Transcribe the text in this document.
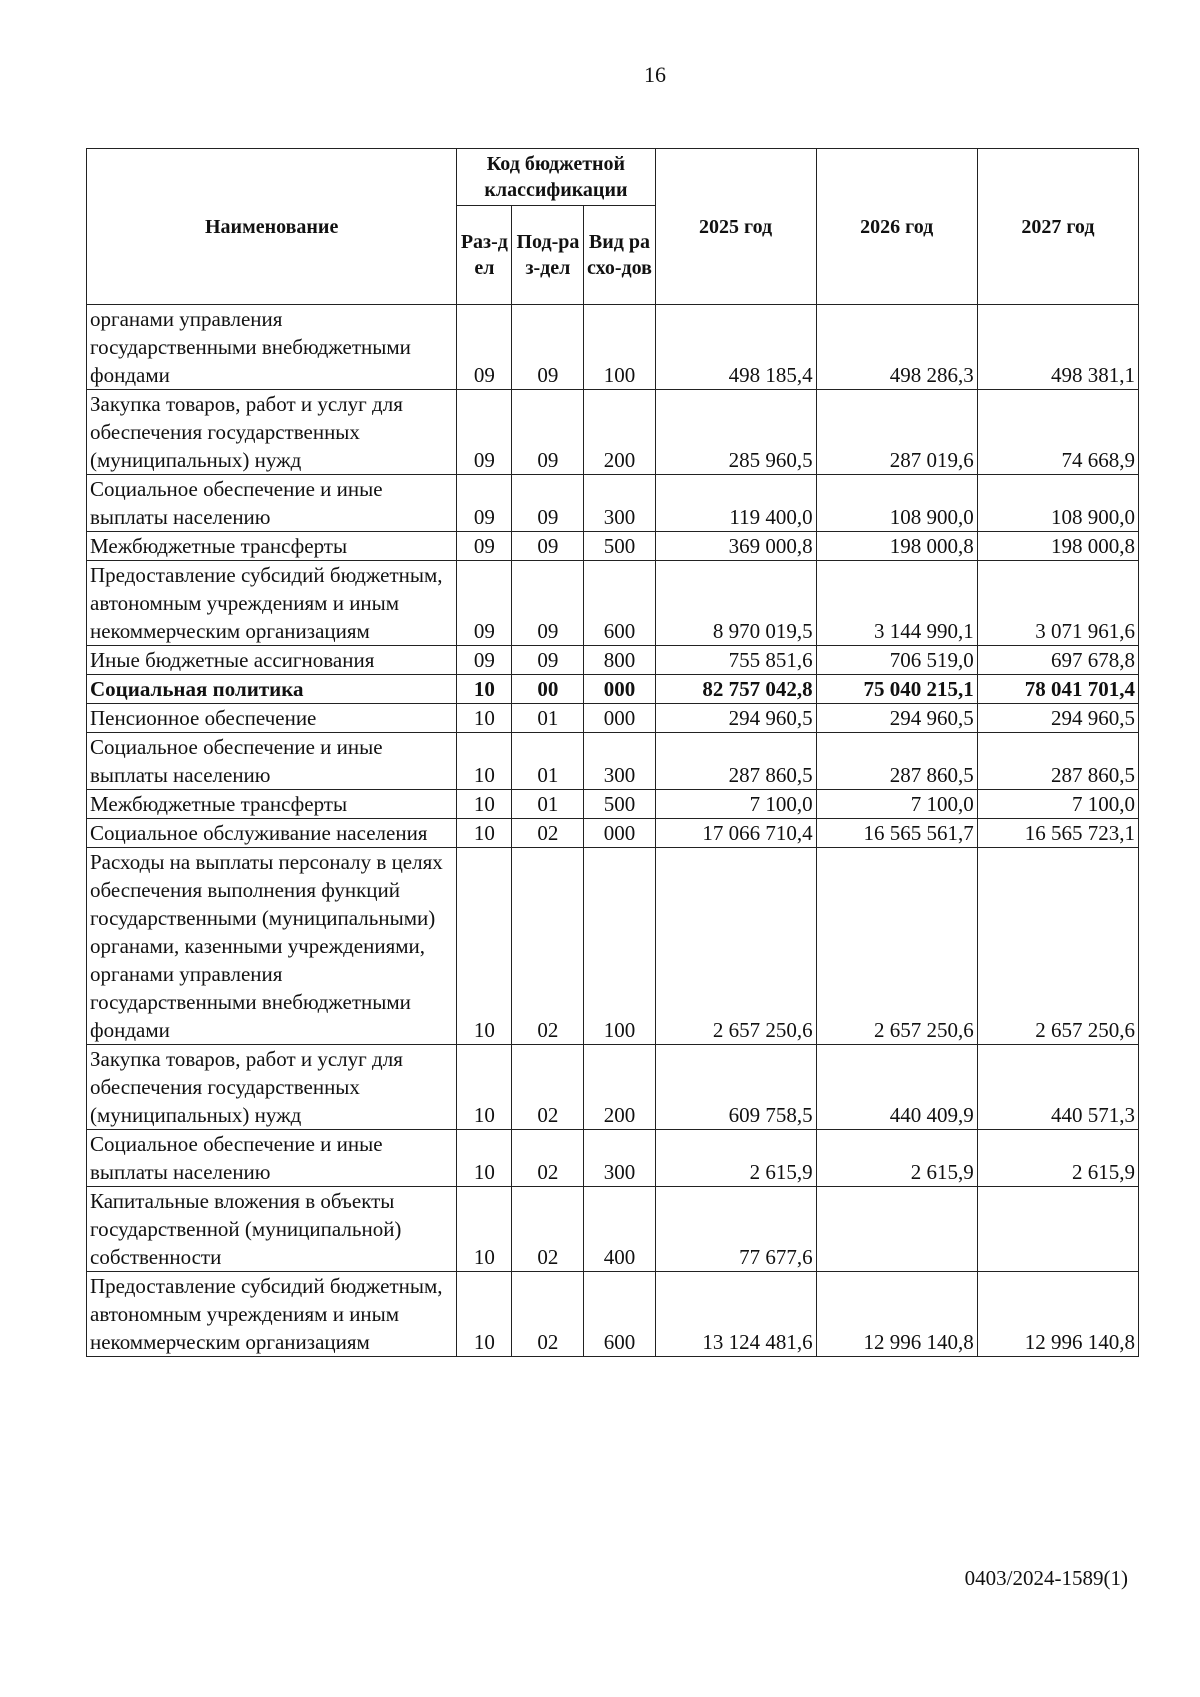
16
Наименование	Код бюджетной классификации			2025 год	2026 год	2027 год
	Раз-дел	Под-раз-дел	Вид расхо-дов			
органами управления государственными внебюджетными фондами	09	09	100	498 185,4	498 286,3	498 381,1
Закупка товаров, работ и услуг для обеспечения государственных (муниципальных) нужд	09	09	200	285 960,5	287 019,6	74 668,9
Социальное обеспечение и иные выплаты населению	09	09	300	119 400,0	108 900,0	108 900,0
Межбюджетные трансферты	09	09	500	369 000,8	198 000,8	198 000,8
Предоставление субсидий бюджетным, автономным учреждениям и иным некоммерческим организациям	09	09	600	8 970 019,5	3 144 990,1	3 071 961,6
Иные бюджетные ассигнования	09	09	800	755 851,6	706 519,0	697 678,8
Социальная политика	10	00	000	82 757 042,8	75 040 215,1	78 041 701,4
Пенсионное обеспечение	10	01	000	294 960,5	294 960,5	294 960,5
Социальное обеспечение и иные выплаты населению	10	01	300	287 860,5	287 860,5	287 860,5
Межбюджетные трансферты	10	01	500	7 100,0	7 100,0	7 100,0
Социальное обслуживание населения	10	02	000	17 066 710,4	16 565 561,7	16 565 723,1
Расходы на выплаты персоналу в целях обеспечения выполнения функций государственными (муниципальными) органами, казенными учреждениями, органами управления государственными внебюджетными фондами	10	02	100	2 657 250,6	2 657 250,6	2 657 250,6
Закупка товаров, работ и услуг для обеспечения государственных (муниципальных) нужд	10	02	200	609 758,5	440 409,9	440 571,3
Социальное обеспечение и иные выплаты населению	10	02	300	2 615,9	2 615,9	2 615,9
Капитальные вложения в объекты государственной (муниципальной) собственности	10	02	400	77 677,6		
Предоставление субсидий бюджетным, автономным учреждениям и иным некоммерческим организациям	10	02	600	13 124 481,6	12 996 140,8	12 996 140,8
0403/2024-1589(1)
